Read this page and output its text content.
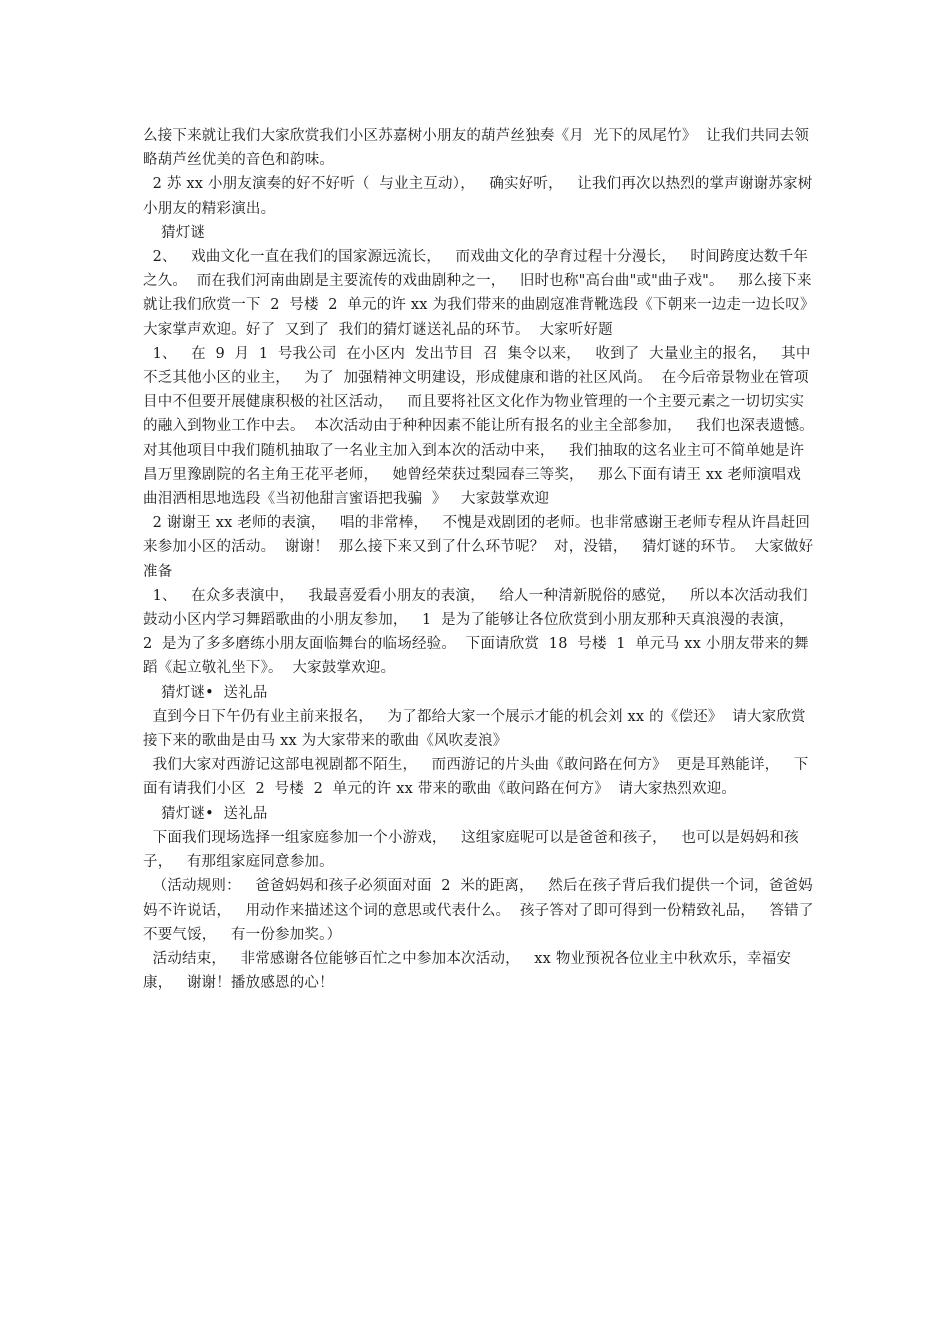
么接下来就让我们大家欣赏我们小区苏嘉树小朋友的葫芦丝独奏《月  光下的凤尾竹》  让我们共同去领略葫芦丝优美的音色和韵味。

2 苏 xx 小朋友演奏的好不好听（  与业主互动），   确实好听，   让我们再次以热烈的掌声谢谢苏家树小朋友的精彩演出。

猜灯谜

2、   戏曲文化一直在我们的国家源远流长，   而戏曲文化的孕育过程十分漫长，   时间跨度达数千年之久。  而在我们河南曲剧是主要流传的戏曲剧种之一，   旧时也称"高台曲"或"曲子戏"。   那么接下来就让我们欣赏一下  2  号楼  2  单元的许 xx 为我们带来的曲剧寇准背靴选段《下朝来一边走一边长叹》  大家掌声欢迎。好了  又到了  我们的猜灯谜送礼品的环节。  大家听好题

1、   在  9  月  1  号我公司  在小区内  发出节目  召  集令以来，   收到了  大量业主的报名，   其中不乏其他小区的业主，   为了  加强精神文明建设，形成健康和谐的社区风尚。  在今后帝景物业在管项目中不但要开展健康积极的社区活动，   而且要将社区文化作为物业管理的一个主要元素之一切切实实的融入到物业工作中去。  本次活动由于种种因素不能让所有报名的业主全部参加，   我们也深表遗憾。  对其他项目中我们随机抽取了一名业主加入到本次的活动中来，   我们抽取的这名业主可不简单她是许昌万里豫剧院的名主角王花平老师，   她曾经荣获过梨园春三等奖，   那么下面有请王 xx 老师演唱戏曲泪洒相思地选段《当初他甜言蜜语把我骗  》   大家鼓掌欢迎

2 谢谢王 xx 老师的表演，   唱的非常棒，   不愧是戏剧团的老师。也非常感谢王老师专程从许昌赶回来参加小区的活动。  谢谢！  那么接下来又到了什么环节呢？  对，没错，   猜灯谜的环节。  大家做好准备

1、   在众多表演中，   我最喜爱看小朋友的表演，   给人一种清新脱俗的感觉，   所以本次活动我们鼓动小区内学习舞蹈歌曲的小朋友参加，   1  是为了能够让各位欣赏到小朋友那种天真浪漫的表演，   2  是为了多多磨练小朋友面临舞台的临场经验。  下面请欣赏  18  号楼  1  单元马 xx 小朋友带来的舞蹈《起立敬礼坐下》。  大家鼓掌欢迎。

猜灯谜•  送礼品

直到今日下午仍有业主前来报名，   为了都给大家一个展示才能的机会刘 xx 的《偿还》  请大家欣赏接下来的歌曲是由马 xx 为大家带来的歌曲《风吹麦浪》

我们大家对西游记这部电视剧都不陌生，   而西游记的片头曲《敢问路在何方》  更是耳熟能详，   下面有请我们小区  2  号楼  2  单元的许 xx 带来的歌曲《敢问路在何方》  请大家热烈欢迎。

猜灯谜•  送礼品

下面我们现场选择一组家庭参加一个小游戏，   这组家庭呢可以是爸爸和孩子，   也可以是妈妈和孩子，   有那组家庭同意参加。

（活动规则：   爸爸妈妈和孩子必须面对面  2  米的距离，   然后在孩子背后我们提供一个词，爸爸妈妈不许说话，   用动作来描述这个词的意思或代表什么。  孩子答对了即可得到一份精致礼品，   答错了不要气馁，   有一份参加奖。）

活动结束，   非常感谢各位能够百忙之中参加本次活动，   xx 物业预祝各位业主中秋欢乐，幸福安康，   谢谢！播放感恩的心！
